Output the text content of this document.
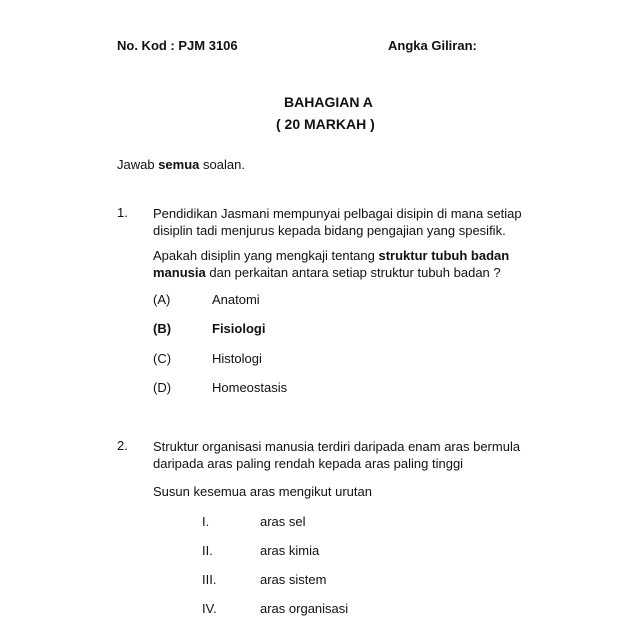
No. Kod : PJM 3106	Angka Giliran:
BAHAGIAN A
( 20 MARKAH )
Jawab semua soalan.
1. Pendidikan Jasmani mempunyai pelbagai disipin di mana setiap
disiplin tadi menjurus kepada bidang pengajian yang spesifik.
Apakah disiplin yang mengkaji tentang struktur tubuh badan
manusia dan perkaitan antara setiap struktur tubuh badan ?
(A)	Anatomi
(B)	Fisiologi
(C)	Histologi
(D)	Homeostasis
2. Struktur organisasi manusia terdiri daripada enam aras bermula
daripada aras paling rendah kepada aras paling tinggi
Susun kesemua aras mengikut urutan
I.	aras sel
II.	aras kimia
III.	aras sistem
IV.	aras organisasi
